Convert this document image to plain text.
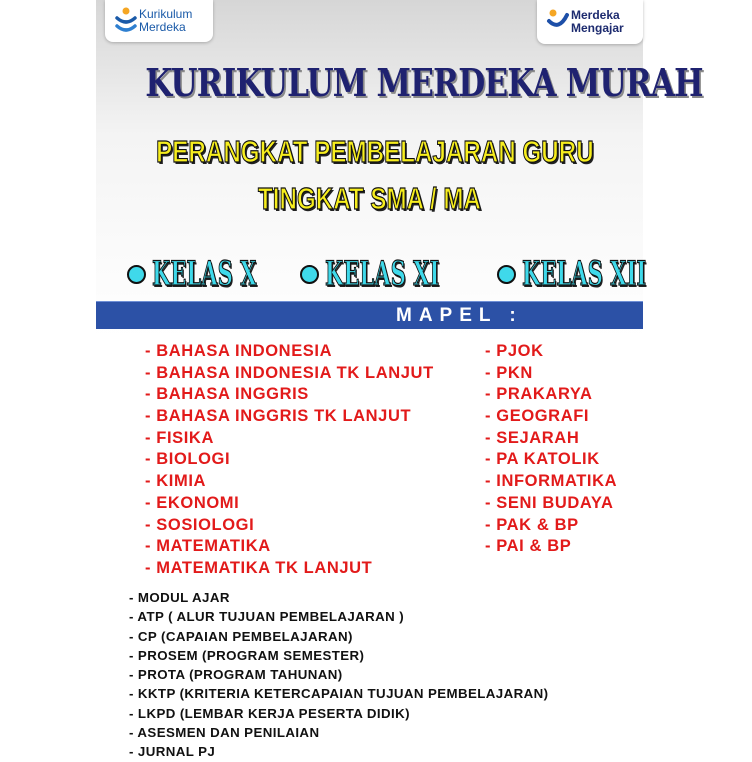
Kurikulum
Merdeka
Merdeka
Mengajar
KURIKULUM MERDEKA MURAH
PERANGKAT PEMBELAJARAN GURU
TINGKAT SMA / MA
KELAS X KELAS XI KELAS XII
MAPEL :
- BAHASA INDONESIA
- BAHASA INDONESIA TK LANJUT
- BAHASA INGGRIS
- BAHASA INGGRIS TK LANJUT
- FISIKA
- BIOLOGI
- KIMIA
- EKONOMI
- SOSIOLOGI
- MATEMATIKA
- MATEMATIKA TK LANJUT
- PJOK
- PKN
- PRAKARYA
- GEOGRAFI
- SEJARAH
- PA KATOLIK
- INFORMATIKA
- SENI BUDAYA
- PAK & BP
- PAI & BP
- MODUL AJAR
- ATP ( ALUR TUJUAN PEMBELAJARAN )
- CP (CAPAIAN PEMBELAJARAN)
- PROSEM (PROGRAM SEMESTER)
- PROTA (PROGRAM TAHUNAN)
- KKTP (KRITERIA KETERCAPAIAN TUJUAN PEMBELAJARAN)
- LKPD (LEMBAR KERJA PESERTA DIDIK)
- ASESMEN DAN PENILAIAN
- JURNAL PJ
